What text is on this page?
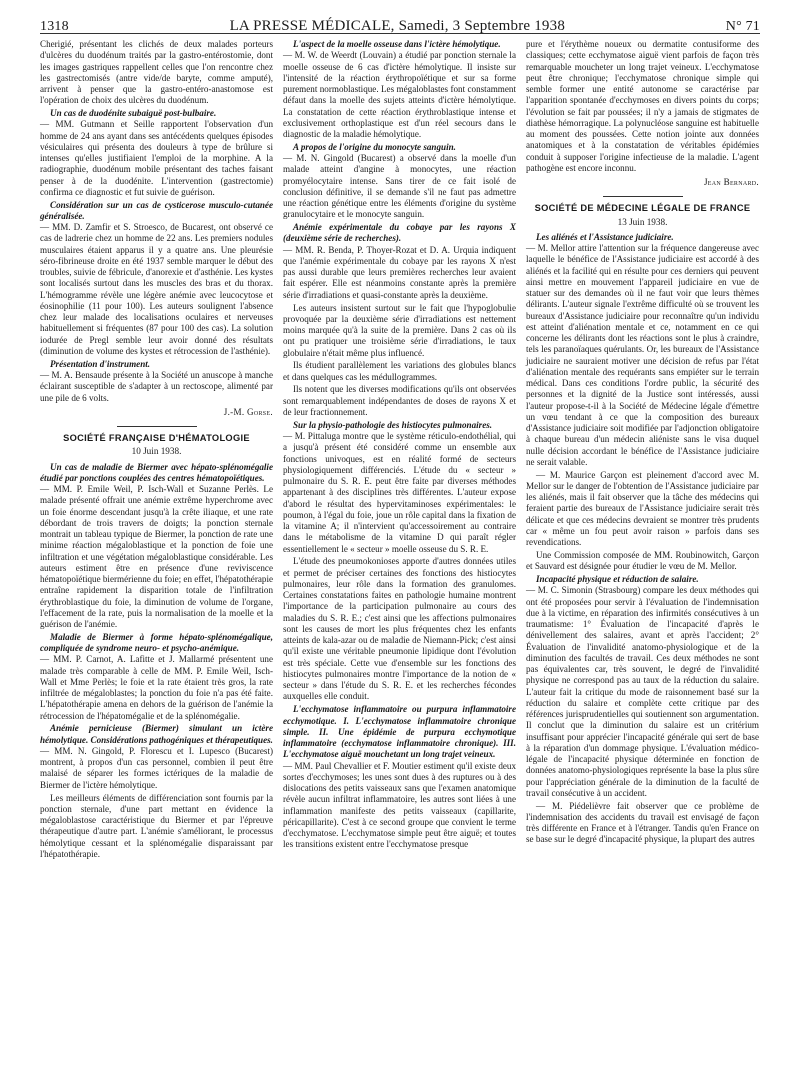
1318	LA PRESSE MÉDICALE, Samedi, 3 Septembre 1938	N° 71

Cherigié, présentant les clichés de deux malades porteurs d'ulcères du duodénum traités par la gastro-entérostomie, dont les images gastriques rappellent celles que l'on rencontre chez les gastrectomisés (antre vide/de baryte, comme amputé), arrivent à penser que la gastro-entéro-anastomose est l'opération de choix des ulcères du duodénum.

Un cas de duodénite subaiguë post-bulbaire.

— MM. Gutmann et Seille rapportent l'observation d'un homme de 24 ans ayant dans ses antécédents quelques épisodes vésiculaires qui présenta des douleurs à type de brûlure si intenses qu'elles justifiaient l'emploi de la morphine. A la radiographie, duodénum mobile présentant des taches faisant penser à de la duodénite. L'intervention (gastrectomie) confirma ce diagnostic et fut suivie de guérison.

Considération sur un cas de cysticerose musculo-cutanée généralisée.

— MM. D. Zamfir et S. Stroesco, de Bucarest, ont observé ce cas de ladrerie chez un homme de 22 ans. Les premiers nodules musculaires étaient apparus il y a quatre ans. Une pleurésie séro-fibrineuse droite en été 1937 semble marquer le début des troubles, suivie de fébricule, d'anorexie et d'asthénie. Les kystes sont localisés surtout dans les muscles des bras et du thorax. L'hémogramme révèle une légère anémie avec leucocytose et éosinophilie (11 pour 100). Les auteurs soulignent l'absence chez leur malade des localisations oculaires et nerveuses habituellement si fréquentes (87 pour 100 des cas). La solution iodurée de Pregl semble leur avoir donné des résultats (diminution de volume des kystes et rétrocession de l'asthénie).

Présentation d'instrument.

— M. A. Bensaude présente à la Société un anuscope à manche éclairant susceptible de s'adapter à un rectoscope, alimenté par une pile de 6 volts.

J.-M. Gorse.

SOCIÉTÉ FRANÇAISE D'HÉMATOLOGIE
10 Juin 1938.
Un cas de maladie de Biermer avec hépato-splénomégalie étudié par ponctions couplées des centres hématopoïétiques.

— MM. P. Emile Weil, P. Isch-Wall et Suzanne Perlès. Le malade présenté offrait une anémie extrême hyperchrome avec un foie énorme descendant jusqu'à la crête iliaque, et une rate débordant de trois travers de doigts; la ponction sternale montrait un tableau typique de Biermer, la ponction de rate une minime réaction mégaloblastique et la ponction de foie une infiltration et une végétation mégaloblastique considérable. Les auteurs estiment être en présence d'une reviviscence hématopoïétique biermérienne du foie; en effet, l'hépatothérapie entraîne rapidement la disparition totale de l'infiltration érythroblastique du foie, la diminution de volume de l'organe, l'effacement de la rate, puis la normalisation de la moelle et la guérison de l'anémie.

Maladie de Biermer à forme hépato-splénomégalique, compliquée de syndrome neuro- et psycho-anémique.

— MM. P. Carnot, A. Lafitte et J. Mallarmé présentent une malade très comparable à celle de MM. P. Emile Weil, Isch-Wall et Mme Perlès; le foie et la rate étaient très gros, la rate infiltrée de mégaloblastes; la ponction du foie n'a pas été faite. L'hépatothérapie amena en dehors de la guérison de l'anémie la rétrocession de l'hépatomégalie et de la splénomégalie.

Anémie pernicieuse (Biermer) simulant un ictère hémolytique. Considérations pathogéniques et thérapeutiques.

— MM. N. Gingold, P. Florescu et I. Lupesco (Bucarest) montrent, à propos d'un cas personnel, combien il peut être malaisé de séparer les formes ictériques de la maladie de Biermer de l'ictère hémolytique.

Les meilleurs éléments de différenciation sont fournis par la ponction sternale, d'une part mettant en évidence la mégaloblastose caractéristique du Biermer et par l'épreuve thérapeutique d'autre part. L'anémie s'améliorant, le processus hémolytique cessant et la splénomégalie disparaissant par l'hépatothérapie.

L'aspect de la moelle osseuse dans l'ictère hémolytique.

— M. W. de Weerdt (Louvain) a étudié par ponction sternale la moelle osseuse de 6 cas d'ictère hémolytique. Il insiste sur l'intensité de la réaction érythropoïétique et sur sa forme purement normoblastique. Les mégaloblastes font constamment défaut dans la moelle des sujets atteints d'ictère hémolytique. La constatation de cette réaction érythroblastique intense et exclusivement orthoplastique est d'un réel secours dans le diagnostic de la maladie hémolytique.

A propos de l'origine du monocyte sanguin.

— M. N. Gingold (Bucarest) a observé dans la moelle d'un malade atteint d'angine à monocytes, une réaction promyélocytaire intense. Sans tirer de ce fait isolé de conclusion définitive, il se demande s'il ne faut pas admettre une réaction génétique entre les éléments d'origine du système granulocytaire et le monocyte sanguin.

Anémie expérimentale du cobaye par les rayons X (deuxième série de recherches).

— MM. R. Benda, P. Thoyer-Rozat et D. A. Urquia indiquent que l'anémie expérimentale du cobaye par les rayons X n'est pas aussi durable que leurs premières recherches leur avaient fait espérer. Elle est néanmoins constante après la première série d'irradiations et quasi-constante après la deuxième.

Les auteurs insistent surtout sur le fait que l'hypoglobulie provoquée par la deuxième série d'irradiations est nettement moins marquée qu'à la suite de la première. Dans 2 cas où ils ont pu pratiquer une troisième série d'irradiations, le taux globulaire n'était même plus influencé.

Ils étudient parallèlement les variations des globules blancs et dans quelques cas les médullogrammes.

Ils notent que les diverses modifications qu'ils ont observées sont remarquablement indépendantes de doses de rayons X et de leur fractionnement.

Sur la physio-pathologie des histiocytes pulmonaires.

— M. Pittaluga montre que le système réticulo-endothélial, qui a jusqu'à présent été considéré comme un ensemble aux fonctions univoques, est en réalité formé de secteurs physiologiquement différenciés. L'étude du « secteur » pulmonaire du S. R. E. peut être faite par diverses méthodes appartenant à des disciplines très différentes. L'auteur expose d'abord le résultat des hypervitaminoses expérimentales: le poumon, à l'égal du foie, joue un rôle capital dans la fixation de la vitamine A; il n'intervient qu'accessoirement au contraire dans le métabolisme de la vitamine D qui paraît régler essentiellement le « secteur » moelle osseuse du S. R. E.

L'étude des pneumokonioses apporte d'autres données utiles et permet de préciser certaines des fonctions des histiocytes pulmonaires, leur rôle dans la formation des granulomes. Certaines constatations faites en pathologie humaine montrent l'importance de la participation pulmonaire au cours des maladies du S. R. E.; c'est ainsi que les affections pulmonaires sont les causes de mort les plus fréquentes chez les enfants atteints de kala-azar ou de maladie de Niemann-Pick; c'est ainsi qu'il existe une véritable pneumonie lipidique dont l'évolution est très spéciale. Cette vue d'ensemble sur les fonctions des histiocytes pulmonaires montre l'importance de la notion de « secteur » dans l'étude du S. R. E. et les recherches fécondes auxquelles elle conduit.

L'ecchymatose inflammatoire ou purpura inflammatoire ecchymotique. I. L'ecchymatose inflammatoire chronique simple. II. Une épidémie de purpura ecchymotique inflammatoire (ecchymatose inflammatoire chronique). III. L'ecchymatose aiguë mouchetant un long trajet veineux.

— MM. Paul Chevallier et F. Moutier estiment qu'il existe deux sortes d'ecchymoses; les unes sont dues à des ruptures ou à des dislocations des petits vaisseaux sans que l'examen anatomique révèle aucun infiltrat inflammatoire, les autres sont liées à une inflammation manifeste des petits vaisseaux (capillarite, péricapillarite). C'est à ce second groupe que convient le terme d'ecchymatose. L'ecchymatose simple peut être aiguë; et toutes les transitions existent entre l'ecchymatose presque

pure et l'érythème noueux ou dermatite contusiforme des classiques; cette ecchymatose aiguë vient parfois de façon très remarquable moucheter un long trajet veineux. L'ecchymatose peut être chronique; l'ecchymatose chronique simple qui semble former une entité autonome se caractérise par l'apparition spontanée d'ecchymoses en divers points du corps; l'évolution se fait par poussées; il n'y a jamais de stigmates de diathèse hémorragique. La polynucléose sanguine est habituelle au moment des poussées. Cette notion jointe aux données anatomiques et à la constatation de véritables épidémies conduit à supposer l'origine infectieuse de la maladie. L'agent pathogène est encore inconnu.

Jean Bernard.

SOCIÉTÉ DE MÉDECINE LÉGALE DE FRANCE
13 Juin 1938.
Les aliénés et l'Assistance judiciaire.

— M. Mellor attire l'attention sur la fréquence dangereuse avec laquelle le bénéfice de l'Assistance judiciaire est accordé à des aliénés et la facilité qui en résulte pour ces derniers qui peuvent ainsi mettre en mouvement l'appareil judiciaire en vue de statuer sur des demandes où il ne faut voir que leurs thèmes délirants. L'auteur signale l'extrême difficulté où se trouvent les bureaux d'Assistance judiciaire pour reconnaître qu'un individu est atteint d'aliénation mentale et ce, notamment en ce qui concerne les délirants dont les réactions sont le plus à craindre, tels les paranoïaques quérulants. Or, les bureaux de l'Assistance judiciaire ne sauraient motiver une décision de refus par l'état d'aliénation mentale des requérants sans empiéter sur le terrain médical. Dans ces conditions l'ordre public, la sécurité des personnes et la dignité de la Justice sont intéressés, aussi l'auteur propose-t-il à la Société de Médecine légale d'émettre un vœu tendant à ce que la composition des bureaux d'Assistance judiciaire soit modifiée par l'adjonction obligatoire à chaque bureau d'un médecin aliéniste sans le visa duquel nulle décision accordant le bénéfice de l'Assistance judiciaire ne serait valable.

— M. Maurice Garçon est pleinement d'accord avec M. Mellor sur le danger de l'obtention de l'Assistance judiciaire par les aliénés, mais il fait observer que la tâche des médecins qui feraient partie des bureaux de l'Assistance judiciaire serait très délicate et que ces médecins devraient se montrer très prudents car « même un fou peut avoir raison » parfois dans ses revendications.

Une Commission composée de MM. Roubinowitch, Garçon et Sauvard est désignée pour étudier le vœu de M. Mellor.

Incapacité physique et réduction de salaire.

— M. C. Simonin (Strasbourg) compare les deux méthodes qui ont été proposées pour servir à l'évaluation de l'indemnisation due à la victime, en réparation des infirmités consécutives à un traumatisme: 1° Évaluation de l'incapacité d'après le dénivellement des salaires, avant et après l'accident; 2° Évaluation de l'invalidité anatomo-physiologique et de la diminution des facultés de travail. Ces deux méthodes ne sont pas équivalentes car, très souvent, le degré de l'invalidité physique ne correspond pas au taux de la réduction du salaire. L'auteur fait la critique du mode de raisonnement basé sur la réduction du salaire et complète cette critique par des références jurisprudentielles qui soutiennent son argumentation. Il conclut que la diminution du salaire est un critérium insuffisant pour apprécier l'incapacité générale qui sert de base à la réparation d'un dommage physique. L'évaluation médico-légale de l'incapacité physique déterminée en fonction de données anatomo-physiologiques représente la base la plus sûre pour l'appréciation générale de la diminution de la faculté de travail consécutive à un accident.

— M. Piédelièvre fait observer que ce problème de l'indemnisation des accidents du travail est envisagé de façon très différente en France et à l'étranger. Tandis qu'en France on se base sur le degré d'incapacité physique, la plupart des autres
